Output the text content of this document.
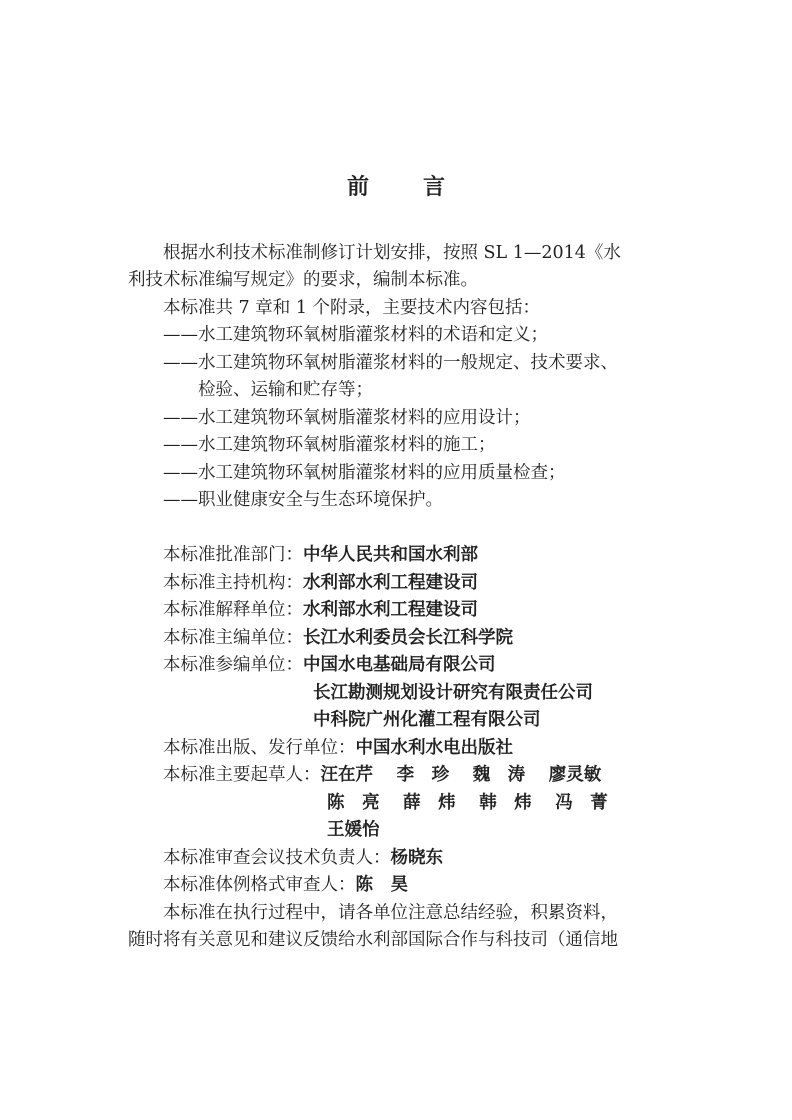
前 言
根据水利技术标准制修订计划安排，按照 SL 1—2014《水
利技术标准编写规定》的要求，编制本标准。
本标准共 7 章和 1 个附录，主要技术内容包括：
——水工建筑物环氧树脂灌浆材料的术语和定义；
——水工建筑物环氧树脂灌浆材料的一般规定、技术要求、
检验、运输和贮存等；
——水工建筑物环氧树脂灌浆材料的应用设计；
——水工建筑物环氧树脂灌浆材料的施工；
——水工建筑物环氧树脂灌浆材料的应用质量检查；
——职业健康安全与生态环境保护。
本标准批准部门：中华人民共和国水利部
本标准主持机构：水利部水利工程建设司
本标准解释单位：水利部水利工程建设司
本标准主编单位：长江水利委员会长江科学院
本标准参编单位：中国水电基础局有限公司
长江勘测规划设计研究有限责任公司
中科院广州化灌工程有限公司
本标准出版、发行单位：中国水利水电出版社
本标准主要起草人：汪在芹　 李　珍　 魏　涛　 廖灵敏
陈　亮　 薛　炜　 韩　炜　 冯　菁
王媛怡
本标准审查会议技术负责人：杨晓东
本标准体例格式审查人：陈　昊
本标准在执行过程中，请各单位注意总结经验，积累资料，
随时将有关意见和建议反馈给水利部国际合作与科技司（通信地
